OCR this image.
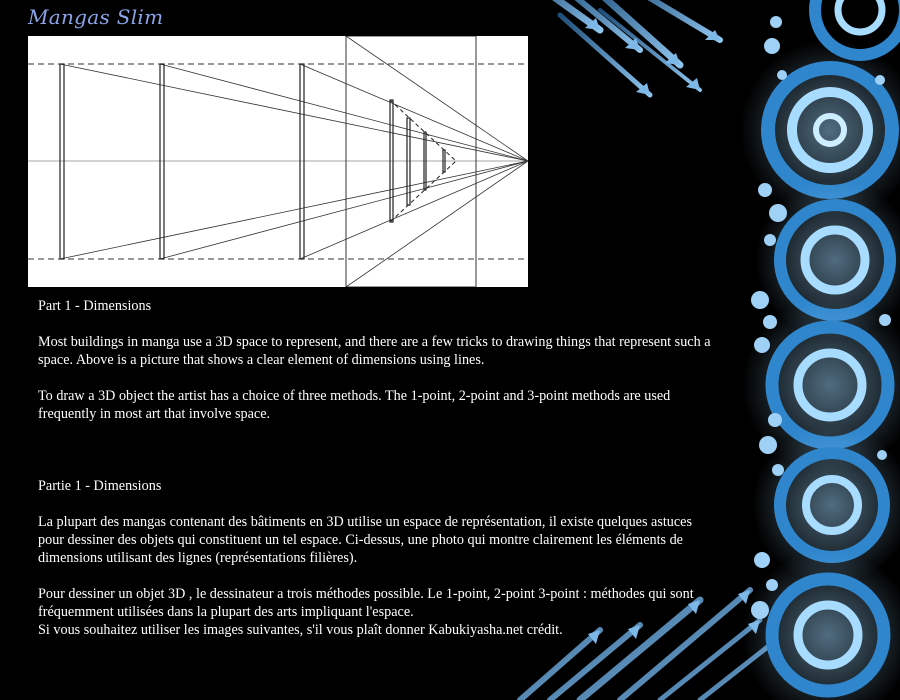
Mangas Slim

Part 1 - Dimensions

Most buildings in manga use a 3D space to represent, and there are a few tricks to drawing things that represent such a space. Above is a picture that shows a clear element of dimensions using lines.

To draw a 3D object the artist has a choice of three methods. The 1-point, 2-point and 3-point methods are used frequently in most art that involve space.

Partie 1 - Dimensions

La plupart des mangas contenant des bâtiments en 3D utilise un espace de représentation, il existe quelques astuces pour dessiner des objets qui constituent un tel espace. Ci-dessus, une photo qui montre clairement les éléments de dimensions utilisant des lignes (représentations filières).

Pour dessiner un objet 3D , le dessinateur a trois méthodes possible. Le 1-point, 2-point 3-point : méthodes qui sont fréquemment utilisées dans la plupart des arts impliquant l'espace.
Si vous souhaitez utiliser les images suivantes, s'il vous plaît donner Kabukiyasha.net crédit.
